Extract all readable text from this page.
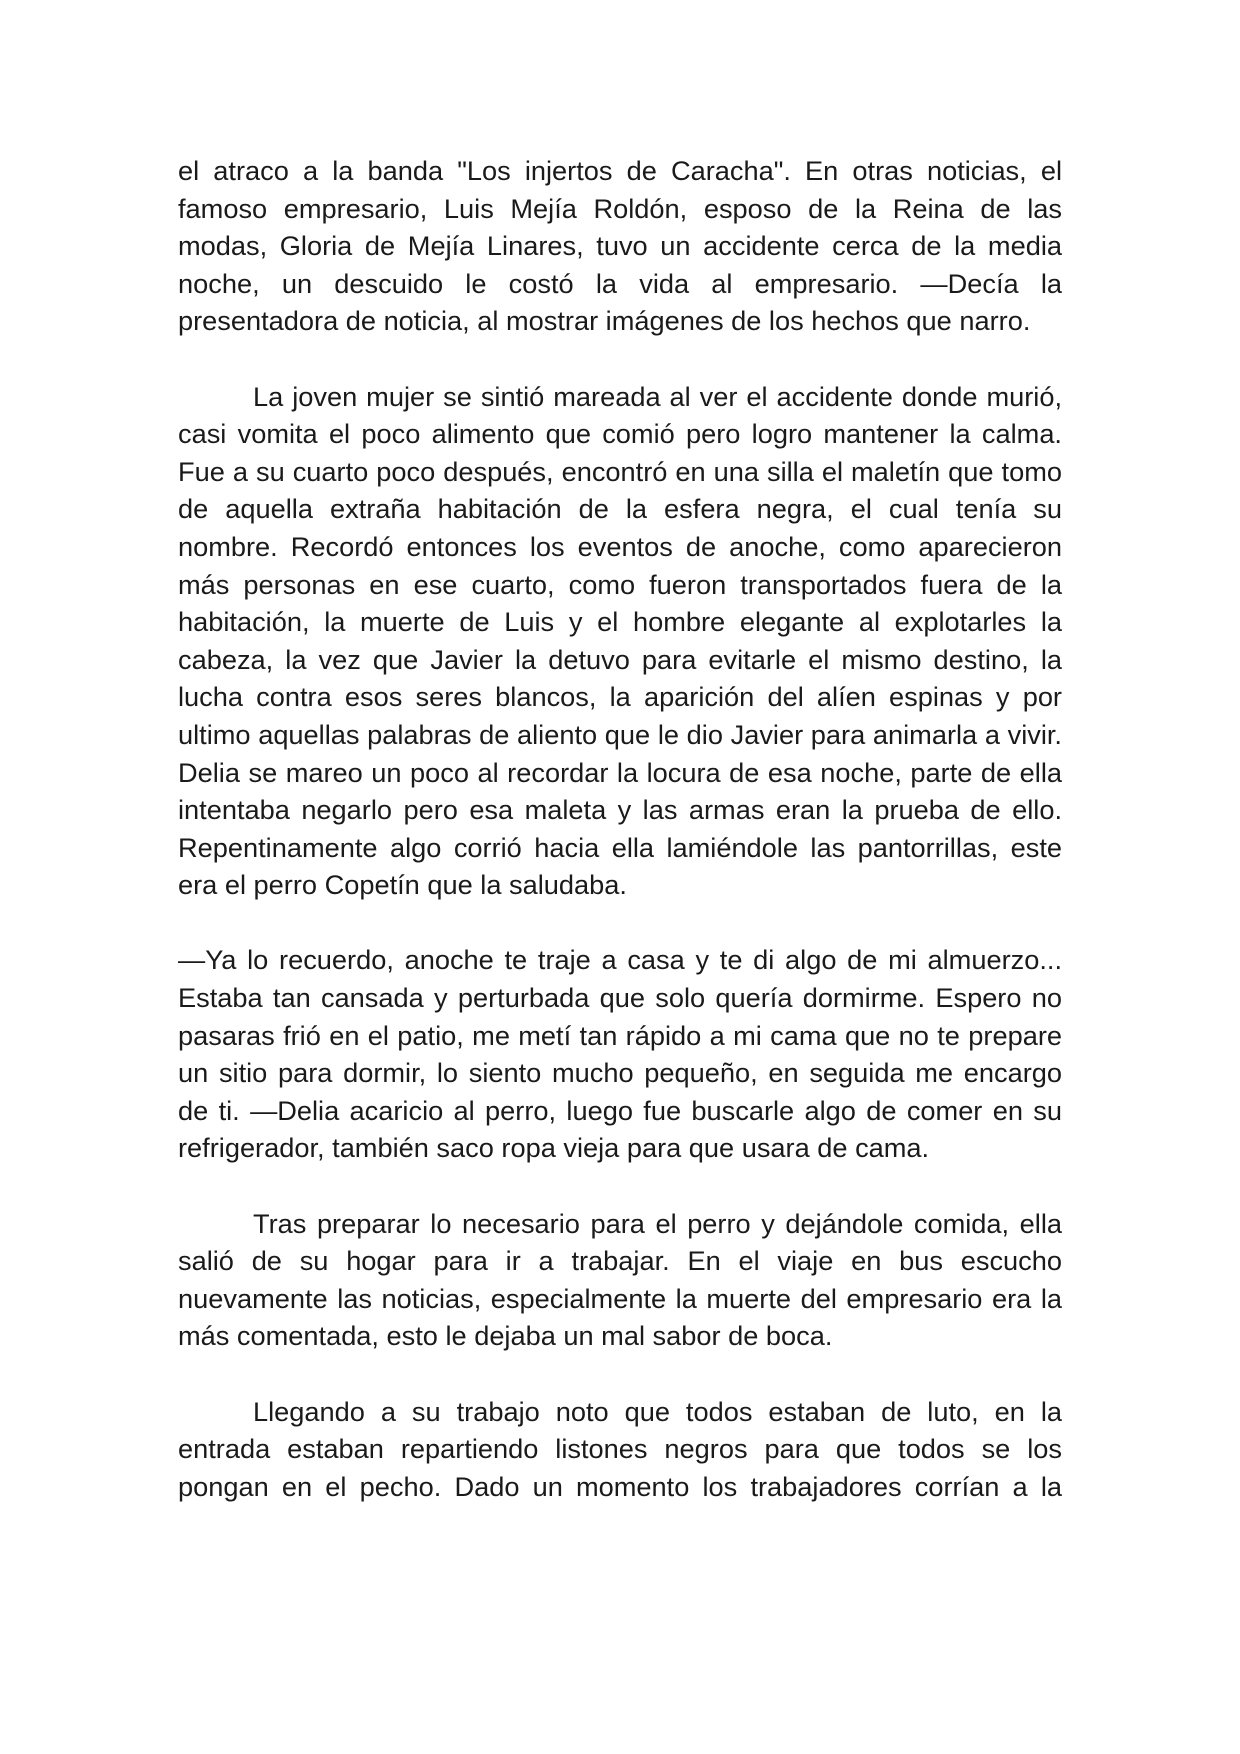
el atraco a la banda "Los injertos de Caracha". En otras noticias, el famoso empresario, Luis Mejía Roldón, esposo de la Reina de las modas, Gloria de Mejía Linares, tuvo un accidente cerca de la media noche, un descuido le costó la vida al empresario. —Decía la presentadora de noticia, al mostrar imágenes de los hechos que narro.

La joven mujer se sintió mareada al ver el accidente donde murió, casi vomita el poco alimento que comió pero logro mantener la calma. Fue a su cuarto poco después, encontró en una silla el maletín que tomo de aquella extraña habitación de la esfera negra, el cual tenía su nombre. Recordó entonces los eventos de anoche, como aparecieron más personas en ese cuarto, como fueron transportados fuera de la habitación, la muerte de Luis y el hombre elegante al explotarles la cabeza, la vez que Javier la detuvo para evitarle el mismo destino, la lucha contra esos seres blancos, la aparición del alíen espinas y por ultimo aquellas palabras de aliento que le dio Javier para animarla a vivir. Delia se mareo un poco al recordar la locura de esa noche, parte de ella intentaba negarlo pero esa maleta y las armas eran la prueba de ello. Repentinamente algo corrió hacia ella lamiéndole las pantorrillas, este era el perro Copetín que la saludaba.

—Ya lo recuerdo, anoche te traje a casa y te di algo de mi almuerzo... Estaba tan cansada y perturbada que solo quería dormirme. Espero no pasaras frió en el patio, me metí tan rápido a mi cama que no te prepare un sitio para dormir, lo siento mucho pequeño, en seguida me encargo de ti. —Delia acaricio al perro, luego fue buscarle algo de comer en su refrigerador, también saco ropa vieja para que usara de cama.

Tras preparar lo necesario para el perro y dejándole comida, ella salió de su hogar para ir a trabajar. En el viaje en bus escucho nuevamente las noticias, especialmente la muerte del empresario era la más comentada, esto le dejaba un mal sabor de boca.

Llegando a su trabajo noto que todos estaban de luto, en la entrada estaban repartiendo listones negros para que todos se los pongan en el pecho. Dado un momento los trabajadores corrían a la
